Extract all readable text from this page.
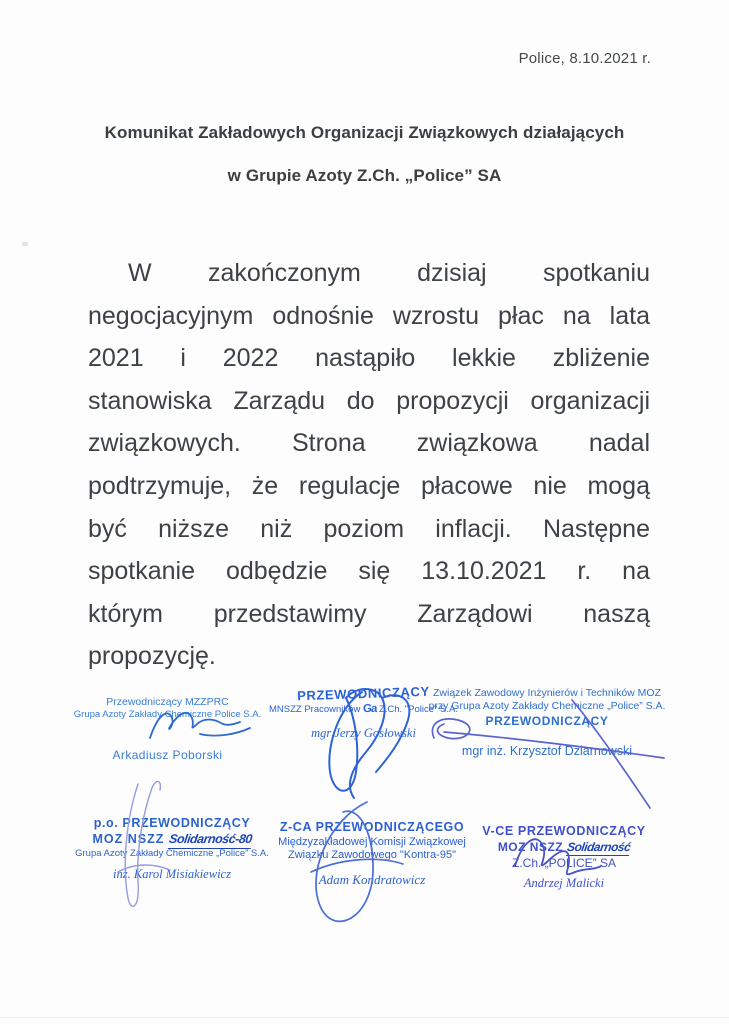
Police, 8.10.2021 r.
Komunikat Zakładowych Organizacji Związkowych działających
w Grupie Azoty Z.Ch. „Police” SA
W zakończonym dzisiaj spotkaniu
negocjacyjnym odnośnie wzrostu płac na lata
2021 i 2022 nastąpiło lekkie zbliżenie
stanowiska Zarządu do propozycji organizacji
związkowych. Strona związkowa nadal
podtrzymuje, że regulacje płacowe nie mogą
być niższe niż poziom inflacji. Następne
spotkanie odbędzie się 13.10.2021 r. na
którym przedstawimy Zarządowi naszą
propozycję.
Przewodniczący MZZPRC
Grupa Azoty Zakłady Chemiczne Police S.A.
Arkadiusz Poborski
PRZEWODNICZĄCY
MNSZZ Pracowników Ga Z.Ch. "Police" S.A.
mgr Jerzy Gosłowski
Związek Zawodowy Inżynierów i Techników MOZ
przy Grupa Azoty Zakłady Chemiczne „Police” S.A.
PRZEWODNICZĄCY
mgr inż. Krzysztof Dziarnowski
p.o. PRZEWODNICZĄCY
MOZ NSZZ Solidarność-80
Grupa Azoty Zakłady Chemiczne „Police” S.A.
inż. Karol Misiakiewicz
Z-CA PRZEWODNICZĄCEGO
Międzyzakładowej Komisji Związkowej
Związku Zawodowego "Kontra-95"
Adam Kondratowicz
V-CE PRZEWODNICZĄCY
MOZ NSZZ Solidarność
Z.Ch. „POLICE” SA
Andrzej Malicki
